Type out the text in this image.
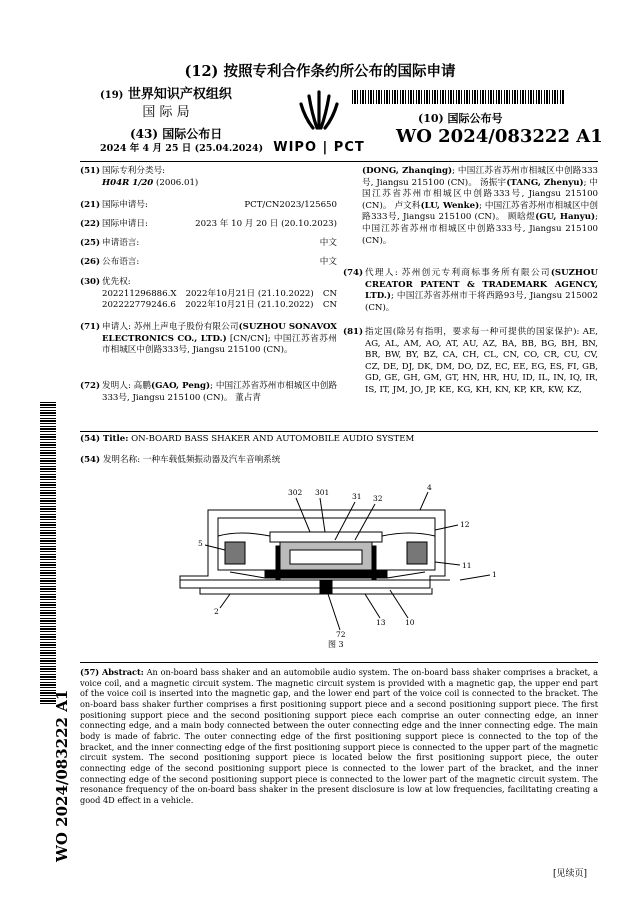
(12) 按照专利合作条约所公布的国际申请
(19) 世界知识产权组织
国 际 局
(43) 国际公布日
2024 年 4 月 25 日 (25.04.2024) WIPO | PCT
(10) 国际公布号
WO 2024/083222 A1
(51) 国际专利分类号:
H04R 1/20 (2006.01)
(21) 国际申请号:	PCT/CN2023/125650
(22) 国际申请日:	2023 年 10 月 20 日 (20.10.2023)
(25) 申请语言:	中文
(26) 公布语言:	中文
(30) 优先权:
202211296886.X 2022年10月21日 (21.10.2022) CN
202222779246.6 2022年10月21日 (21.10.2022) CN
(71) 申请人: 苏州上声电子股份有限公司(SUZHOU SONAVOX ELECTRONICS CO., LTD.) [CN/CN]; 中国江苏省苏州市相城区中创路333号, Jiangsu 215100 (CN)。
(72) 发明人: 高鹏(GAO, Peng); 中国江苏省苏州市相城区中创路333号, Jiangsu 215100 (CN)。 董占青
(DONG, Zhanqing); 中国江苏省苏州市相城区中创路333号, Jiangsu 215100 (CN)。 汤振宇(TANG, Zhenyu); 中国江苏省苏州市相城区中创路333号, Jiangsu 215100 (CN)。 卢文科(LU, Wenke); 中国江苏省苏州市相城区中创路333号, Jiangsu 215100 (CN)。 顾晗煜(GU, Hanyu); 中国江苏省苏州市相城区中创路333号, Jiangsu 215100 (CN)。
(74) 代理人: 苏州创元专利商标事务所有限公司(SUZHOU CREATOR PATENT & TRADEMARK AGENCY, LTD.); 中国江苏省苏州市干将西路93号, Jiangsu 215002 (CN)。
(81) 指定国(除另有指明，要求每一种可提供的国家保护): AE, AG, AL, AM, AO, AT, AU, AZ, BA, BB, BG, BH, BN, BR, BW, BY, BZ, CA, CH, CL, CN, CO, CR, CU, CV, CZ, DE, DJ, DK, DM, DO, DZ, EC, EE, EG, ES, FI, GB, GD, GE, GH, GM, GT, HN, HR, HU, ID, IL, IN, IQ, IR, IS, IT, JM, JO, JP, KE, KG, KH, KN, KP, KR, KW, KZ,
(54) Title: ON-BOARD BASS SHAKER AND AUTOMOBILE AUDIO SYSTEM
(54) 发明名称: 一种车载低频振动器及汽车音响系统
302 301	31 32
4
12
5
11
1
2
72
13	10
图 3
(57) Abstract: An on-board bass shaker and an automobile audio system. The on-board bass shaker comprises a bracket, a voice coil, and a magnetic circuit system. The magnetic circuit system is provided with a magnetic gap, the upper end part of the voice coil is inserted into the magnetic gap, and the lower end part of the voice coil is connected to the bracket. The on-board bass shaker further comprises a first positioning support piece and a second positioning support piece. The first positioning support piece and the second positioning support piece each comprise an outer connecting edge, an inner connecting edge, and a main body connected between the outer connecting edge and the inner connecting edge. The main body is made of fabric. The outer connecting edge of the first positioning support piece is connected to the top of the bracket, and the inner connecting edge of the first positioning support piece is connected to the upper part of the magnetic circuit system. The second positioning support piece is located below the first positioning support piece, the outer connecting edge of the second positioning support piece is connected to the lower part of the bracket, and the inner connecting edge of the second positioning support piece is connected to the lower part of the magnetic circuit system. The resonance frequency of the on-board bass shaker in the present disclosure is low at low frequencies, facilitating creating a good 4D effect in a vehicle.
WO 2024/083222 A1
[见续页]
